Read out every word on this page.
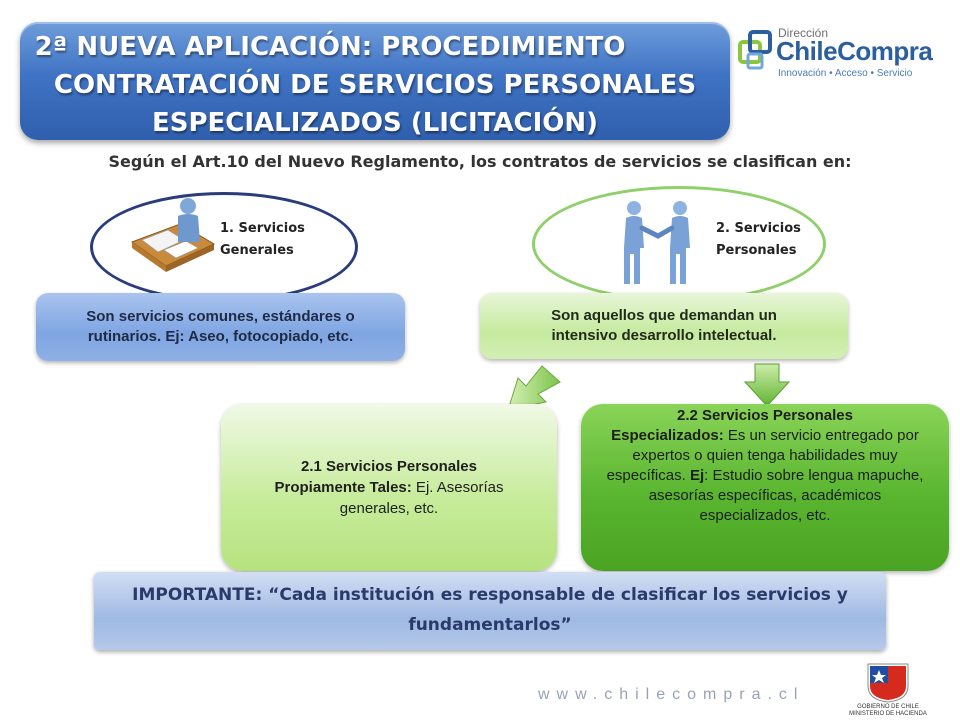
2ª NUEVA APLICACIÓN: PROCEDIMIENTO
CONTRATACIÓN DE SERVICIOS PERSONALES
ESPECIALIZADOS (LICITACIÓN)
Dirección
ChileCompra
Innovación • Acceso • Servicio
Según el Art.10 del Nuevo Reglamento, los contratos de servicios se clasifican en:
1. Servicios
Generales
2. Servicios
Personales
Son servicios comunes, estándares o
rutinarios. Ej: Aseo, fotocopiado, etc.
Son aquellos que demandan un
intensivo desarrollo intelectual.
2.1 Servicios Personales
Propiamente Tales: Ej. Asesorías generales, etc.
2.2 Servicios Personales
Especializados: Es un servicio entregado por expertos o quien tenga habilidades muy específicas. Ej: Estudio sobre lengua mapuche, asesorías específicas, académicos especializados, etc.
IMPORTANTE: “Cada institución es responsable de clasificar los servicios y fundamentarlos”
www.chilecompra.cl
GOBIERNO DE CHILE
MINISTERIO DE HACIENDA
